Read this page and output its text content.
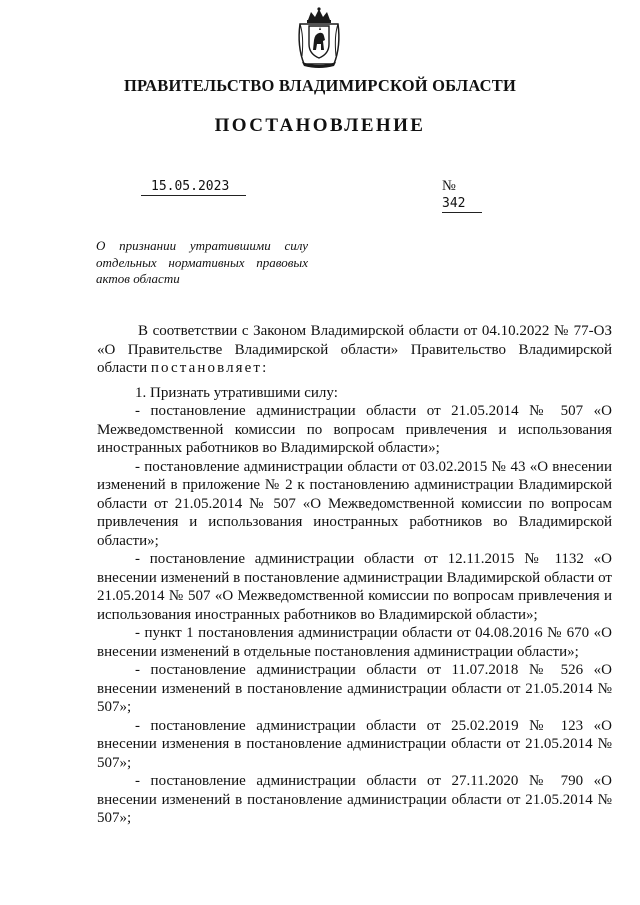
ПРАВИТЕЛЬСТВО ВЛАДИМИРСКОЙ ОБЛАСТИ
ПОСТАНОВЛЕНИЕ
15.05.2023	№ 342
О признании утратившими силу
отдельных нормативных правовых
актов области

В соответствии с Законом Владимирской области от 04.10.2022 № 77-ОЗ «О Правительстве Владимирской области» Правительство Владимирской области постановляет:

1. Признать утратившими силу:

- постановление администрации области от 21.05.2014 № 507 «О Межведомственной комиссии по вопросам привлечения и использования иностранных работников во Владимирской области»;

- постановление администрации области от 03.02.2015 № 43 «О внесении изменений в приложение № 2 к постановлению администрации Владимирской области от 21.05.2014 № 507 «О Межведомственной комиссии по вопросам привлечения и использования иностранных работников во Владимирской области»;

- постановление администрации области от 12.11.2015 № 1132 «О внесении изменений в постановление администрации Владимирской области от 21.05.2014 № 507 «О Межведомственной комиссии по вопросам привлечения и использования иностранных работников во Владимирской области»;

- пункт 1 постановления администрации области от 04.08.2016 № 670 «О внесении изменений в отдельные постановления администрации области»;

- постановление администрации области от 11.07.2018 № 526 «О внесении изменений в постановление администрации области от 21.05.2014 № 507»;

- постановление администрации области от 25.02.2019 № 123 «О внесении изменения в постановление администрации области от 21.05.2014 № 507»;

- постановление администрации области от 27.11.2020 № 790 «О внесении изменений в постановление администрации области от 21.05.2014 № 507»;
